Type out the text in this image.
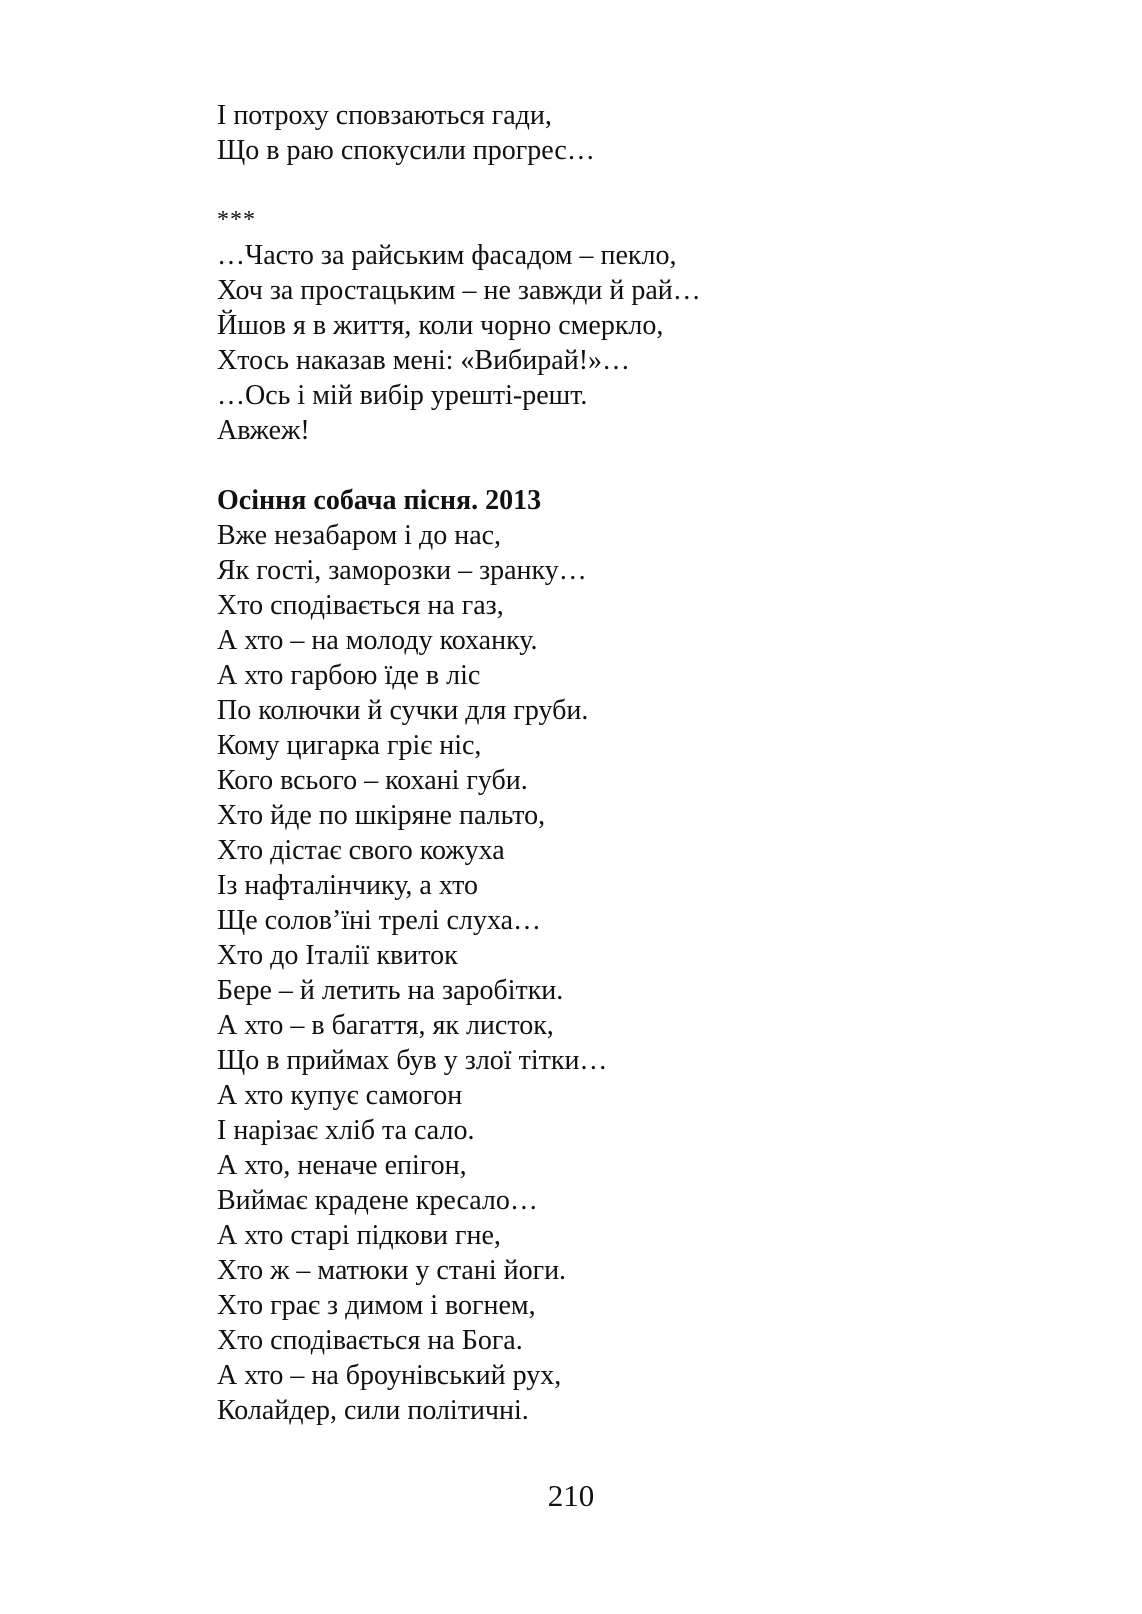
І потроху сповзаються гади,
Що в раю спокусили прогрес…
***
…Часто за райським фасадом – пекло,
Хоч за простацьким – не завжди й рай…
Йшов я в життя, коли чорно смеркло,
Хтось наказав мені: «Вибирай!»…
…Ось і мій вибір урешті-решт.
Авжеж!
Осіння собача пісня. 2013
Вже незабаром і до нас,
Як гості, заморозки – зранку…
Хто сподівається на газ,
А хто – на молоду коханку.
А хто гарбою їде в ліс
По колючки й сучки для груби.
Кому цигарка гріє ніс,
Кого всього – кохані губи.
Хто йде по шкіряне пальто,
Хто дістає свого кожуха
Із нафталінчику, а хто
Ще солов’їні трелі слуха…
Хто до Італії квиток
Бере – й летить на заробітки.
А хто – в багаття, як листок,
Що в приймах був у злої тітки…
А хто купує самогон
І нарізає хліб та сало.
А хто, неначе епігон,
Виймає крадене кресало…
А хто старі підкови гне,
Хто ж – матюки у стані йоги.
Хто грає з димом і вогнем,
Хто сподівається на Бога.
А хто – на броунівський рух,
Колайдер, сили політичні.
210
